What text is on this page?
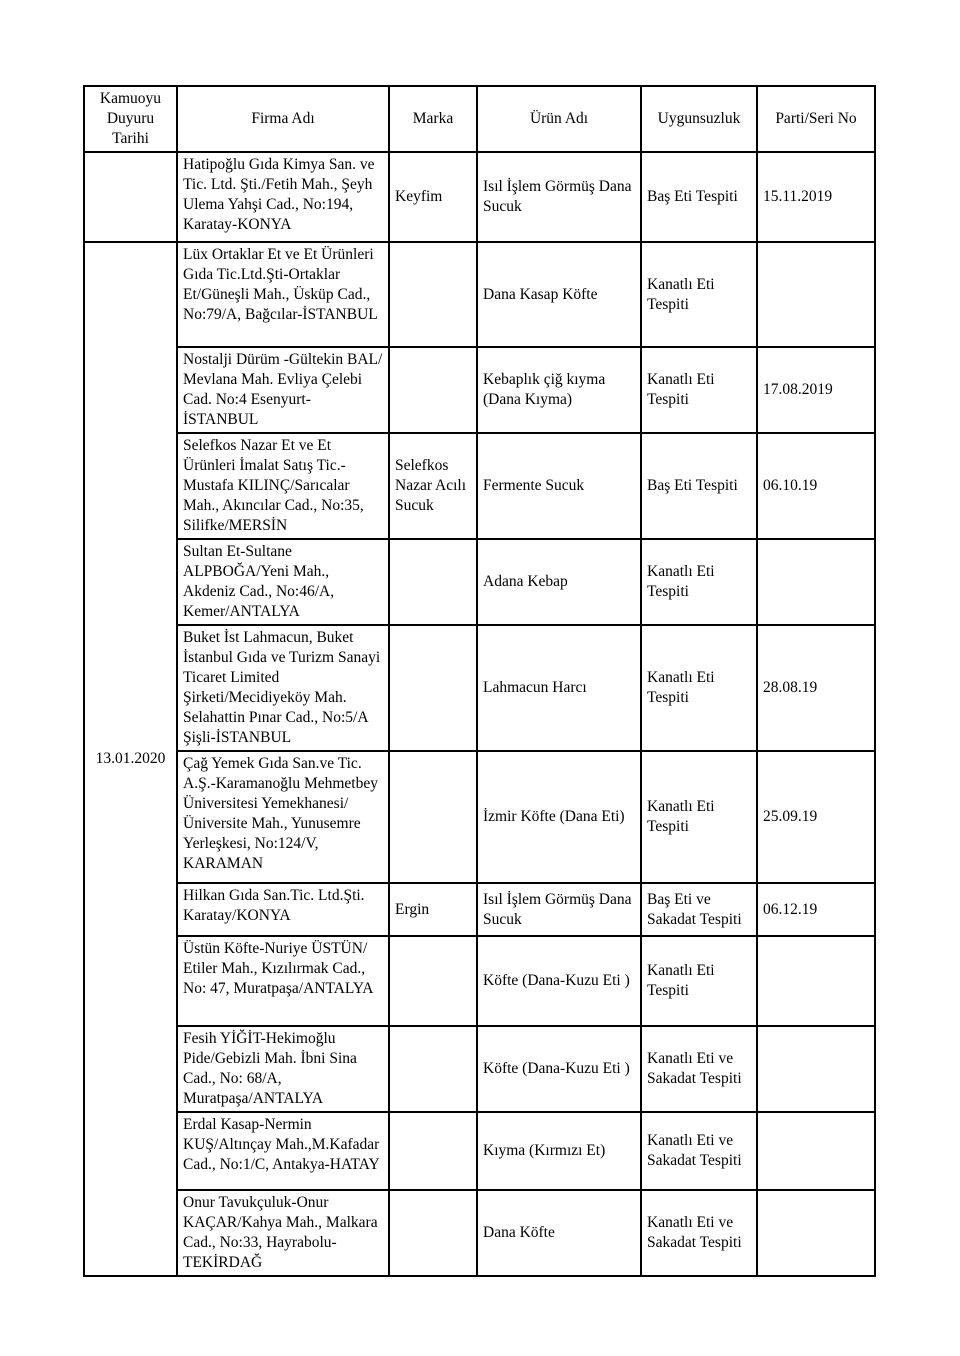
Kamuoyu Duyuru Tarihi	Firma Adı	Marka	Ürün Adı	Uygunsuzluk	Parti/Seri No
	Hatipoğlu Gıda Kimya San. ve Tic. Ltd. Şti./Fetih Mah., Şeyh Ulema Yahşi Cad., No:194, Karatay-KONYA	Keyfim	Isıl İşlem Görmüş Dana Sucuk	Baş Eti Tespiti	15.11.2019
13.01.2020	Lüx Ortaklar Et ve Et Ürünleri Gıda Tic.Ltd.Şti-Ortaklar Et/Güneşli Mah., Üsküp Cad., No:79/A, Bağcılar-İSTANBUL		Dana Kasap Köfte	Kanatlı Eti Tespiti	
	Nostalji Dürüm -Gültekin BAL/ Mevlana Mah. Evliya Çelebi Cad. No:4 Esenyurt-İSTANBUL		Kebaplık çiğ kıyma (Dana Kıyma)	Kanatlı Eti Tespiti	17.08.2019
	Selefkos Nazar Et ve Et Ürünleri İmalat Satış Tic.- Mustafa KILINÇ/Sarıcalar Mah., Akıncılar Cad., No:35, Silifke/MERSİN	Selefkos Nazar Acılı Sucuk	Fermente Sucuk	Baş Eti Tespiti	06.10.19
	Sultan Et-Sultane ALPBOĞA/Yeni Mah., Akdeniz Cad., No:46/A, Kemer/ANTALYA		Adana Kebap	Kanatlı Eti Tespiti	
	Buket İst Lahmacun, Buket İstanbul Gıda ve Turizm Sanayi Ticaret Limited Şirketi/Mecidiyeköy Mah. Selahattin Pınar Cad., No:5/A Şişli-İSTANBUL		Lahmacun Harcı	Kanatlı Eti Tespiti	28.08.19
	Çağ Yemek Gıda San.ve Tic. A.Ş.-Karamanoğlu Mehmetbey Üniversitesi Yemekhanesi/Üniversite Mah., Yunusemre Yerleşkesi, No:124/V, KARAMAN		İzmir Köfte (Dana Eti)	Kanatlı Eti Tespiti	25.09.19
	Hilkan Gıda San.Tic. Ltd.Şti. Karatay/KONYA	Ergin	Isıl İşlem Görmüş Dana Sucuk	Baş Eti ve Sakadat Tespiti	06.12.19
	Üstün Köfte-Nuriye ÜSTÜN/ Etiler Mah., Kızılırmak Cad., No: 47, Muratpaşa/ANTALYA		Köfte (Dana-Kuzu Eti )	Kanatlı Eti Tespiti	
	Fesih YİĞİT-Hekimoğlu Pide/Gebizli Mah. İbni Sina Cad., No: 68/A, Muratpaşa/ANTALYA		Köfte (Dana-Kuzu Eti )	Kanatlı Eti ve Sakadat Tespiti	
	Erdal Kasap-Nermin KUŞ/Altınçay Mah.,M.Kafadar Cad., No:1/C, Antakya-HATAY		Kıyma (Kırmızı Et)	Kanatlı Eti ve Sakadat Tespiti	
	Onur Tavukçuluk-Onur KAÇAR/Kahya Mah., Malkara Cad., No:33, Hayrabolu-TEKİRDAĞ		Dana Köfte	Kanatlı Eti ve Sakadat Tespiti	
